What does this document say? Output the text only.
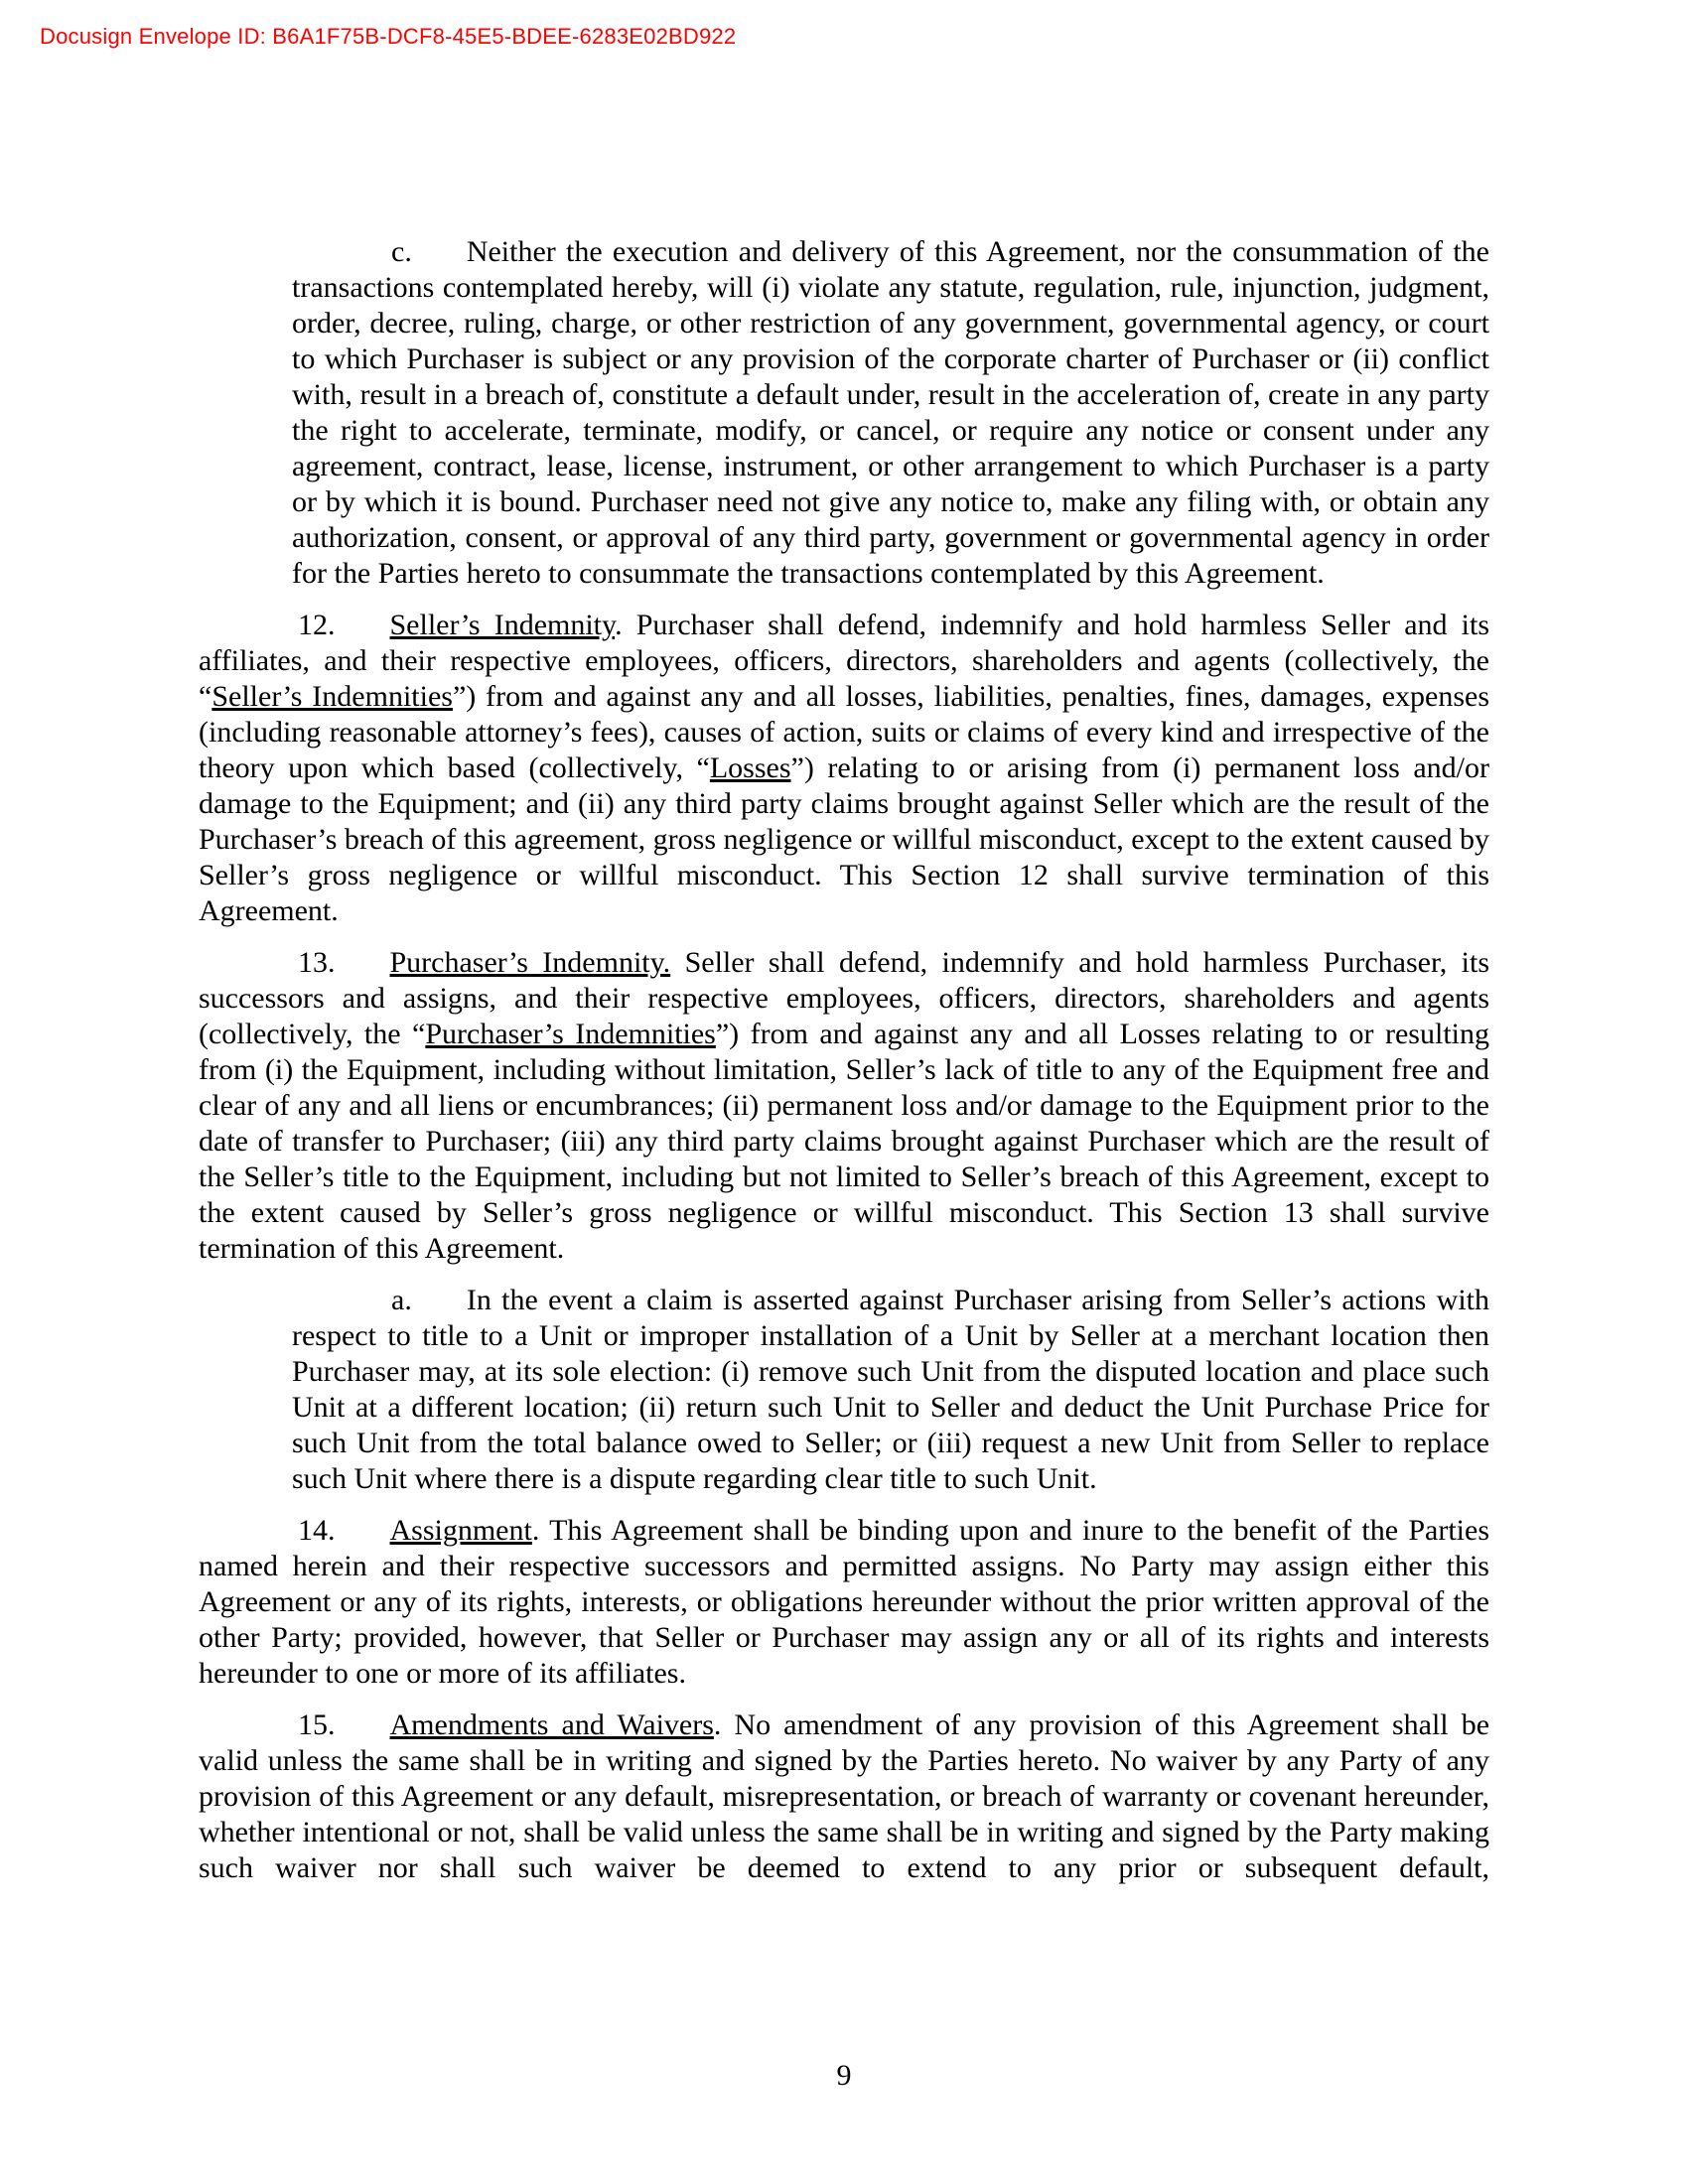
Docusign Envelope ID: B6A1F75B-DCF8-45E5-BDEE-6283E02BD922

c. Neither the execution and delivery of this Agreement, nor the consummation of the transactions contemplated hereby, will (i) violate any statute, regulation, rule, injunction, judgment, order, decree, ruling, charge, or other restriction of any government, governmental agency, or court to which Purchaser is subject or any provision of the corporate charter of Purchaser or (ii) conflict with, result in a breach of, constitute a default under, result in the acceleration of, create in any party the right to accelerate, terminate, modify, or cancel, or require any notice or consent under any agreement, contract, lease, license, instrument, or other arrangement to which Purchaser is a party or by which it is bound. Purchaser need not give any notice to, make any filing with, or obtain any authorization, consent, or approval of any third party, government or governmental agency in order for the Parties hereto to consummate the transactions contemplated by this Agreement.

12. Seller’s Indemnity. Purchaser shall defend, indemnify and hold harmless Seller and its affiliates, and their respective employees, officers, directors, shareholders and agents (collectively, the “Seller’s Indemnities”) from and against any and all losses, liabilities, penalties, fines, damages, expenses (including reasonable attorney’s fees), causes of action, suits or claims of every kind and irrespective of the theory upon which based (collectively, “Losses”) relating to or arising from (i) permanent loss and/or damage to the Equipment; and (ii) any third party claims brought against Seller which are the result of the Purchaser’s breach of this agreement, gross negligence or willful misconduct, except to the extent caused by Seller’s gross negligence or willful misconduct. This Section 12 shall survive termination of this Agreement.

13. Purchaser’s Indemnity. Seller shall defend, indemnify and hold harmless Purchaser, its successors and assigns, and their respective employees, officers, directors, shareholders and agents (collectively, the “Purchaser’s Indemnities”) from and against any and all Losses relating to or resulting from (i) the Equipment, including without limitation, Seller’s lack of title to any of the Equipment free and clear of any and all liens or encumbrances; (ii) permanent loss and/or damage to the Equipment prior to the date of transfer to Purchaser; (iii) any third party claims brought against Purchaser which are the result of the Seller’s title to the Equipment, including but not limited to Seller’s breach of this Agreement, except to the extent caused by Seller’s gross negligence or willful misconduct. This Section 13 shall survive termination of this Agreement.

a. In the event a claim is asserted against Purchaser arising from Seller’s actions with respect to title to a Unit or improper installation of a Unit by Seller at a merchant location then Purchaser may, at its sole election: (i) remove such Unit from the disputed location and place such Unit at a different location; (ii) return such Unit to Seller and deduct the Unit Purchase Price for such Unit from the total balance owed to Seller; or (iii) request a new Unit from Seller to replace such Unit where there is a dispute regarding clear title to such Unit.

14. Assignment. This Agreement shall be binding upon and inure to the benefit of the Parties named herein and their respective successors and permitted assigns. No Party may assign either this Agreement or any of its rights, interests, or obligations hereunder without the prior written approval of the other Party; provided, however, that Seller or Purchaser may assign any or all of its rights and interests hereunder to one or more of its affiliates.

15. Amendments and Waivers. No amendment of any provision of this Agreement shall be valid unless the same shall be in writing and signed by the Parties hereto. No waiver by any Party of any provision of this Agreement or any default, misrepresentation, or breach of warranty or covenant hereunder, whether intentional or not, shall be valid unless the same shall be in writing and signed by the Party making such waiver nor shall such waiver be deemed to extend to any prior or subsequent default,

9
